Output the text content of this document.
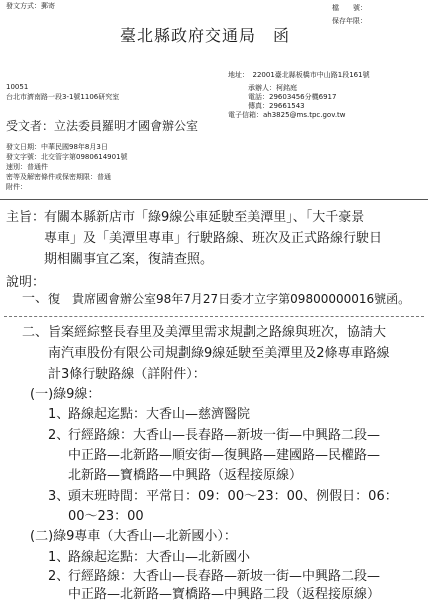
發文方式：郵寄	檔　　號：
保存年限：
臺北縣政府交通局　函
地址：　22001臺北縣板橋市中山路1段161號
承辦人：柯銘庭
電話：29603456分機6917
傳真：29661543
電子信箱：ah3825@ms.tpc.gov.tw
10051
台北市濟南路一段3-1號1106研究室
受文者：立法委員羅明才國會辦公室
發文日期：中華民國98年8月3日
發文字號：北交管字第0980614901號
速別：普通件
密等及解密條件或保密期限：普通
附件：
主旨：
有關本縣新店市「綠9線公車延駛至美潭里」、「大千豪景
專車」及「美潭里專車」行駛路線、班次及正式路線行駛日
期相關事宜乙案，復請查照。
說明：
一、 復　貴席國會辦公室98年7月27日委才立字第09800000016號函。
二、 旨案經綜整長春里及美潭里需求規劃之路線與班次，協請大
南汽車股份有限公司規劃綠9線延駛至美潭里及2條專車路線
計3條行駛路線（詳附件）：
(一)綠9線：
1、
路線起迄點：大香山—慈濟醫院
2、
行經路線：大香山—長春路—新坡一街—中興路二段—
中正路—北新路—順安街—復興路—建國路—民權路—
北新路—寶橋路—中興路（返程接原線）
3、
頭末班時間：平常日：09：00～23：00、例假日：06：
00～23：00
(二)綠9專車（大香山—北新國小）：
1、
路線起迄點：大香山—北新國小
2、
行經路線：大香山—長春路—新坡一街—中興路二段—
中正路—北新路—寶橋路—中興路二段（返程接原線）
